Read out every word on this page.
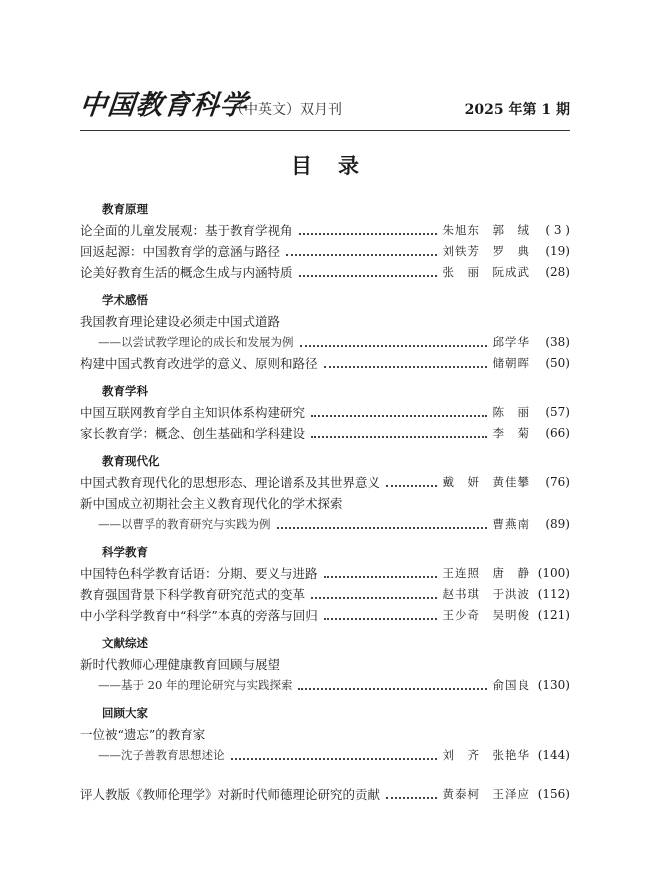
中国教育科学
（中英文）双月刊	2025 年第 1 期
目录
教育原理
论全面的儿童发展观：基于教育学视角	朱旭东　郭　绒	( 3 )
回返起源：中国教育学的意涵与路径	刘铁芳　罗　典	(19)
论美好教育生活的概念生成与内涵特质	张　丽　阮成武	(28)
学术感悟
我国教育理论建设必须走中国式道路
——以尝试教学理论的成长和发展为例	邱学华	(38)
构建中国式教育改进学的意义、原则和路径	储朝晖	(50)
教育学科
中国互联网教育学自主知识体系构建研究	陈　丽	(57)
家长教育学：概念、创生基础和学科建设	李　菊	(66)
教育现代化
中国式教育现代化的思想形态、理论谱系及其世界意义	戴　妍　黄佳攀	(76)
新中国成立初期社会主义教育现代化的学术探索
——以曹孚的教育研究与实践为例	曹燕南	(89)
科学教育
中国特色科学教育话语：分期、要义与进路	王连照　唐　静 (100)
教育强国背景下科学教育研究范式的变革	赵书琪　于洪波 (112)
中小学科学教育中“科学”本真的旁落与回归	王少奇　吴明俊 (121)
文献综述
新时代教师心理健康教育回顾与展望
——基于 20 年的理论研究与实践探索	俞国良 (130)
回顾大家
一位被“遗忘”的教育家
——沈子善教育思想述论	刘　齐　张艳华 (144)
评人教版《教师伦理学》对新时代师德理论研究的贡献	黄泰柯　王泽应 (156)
